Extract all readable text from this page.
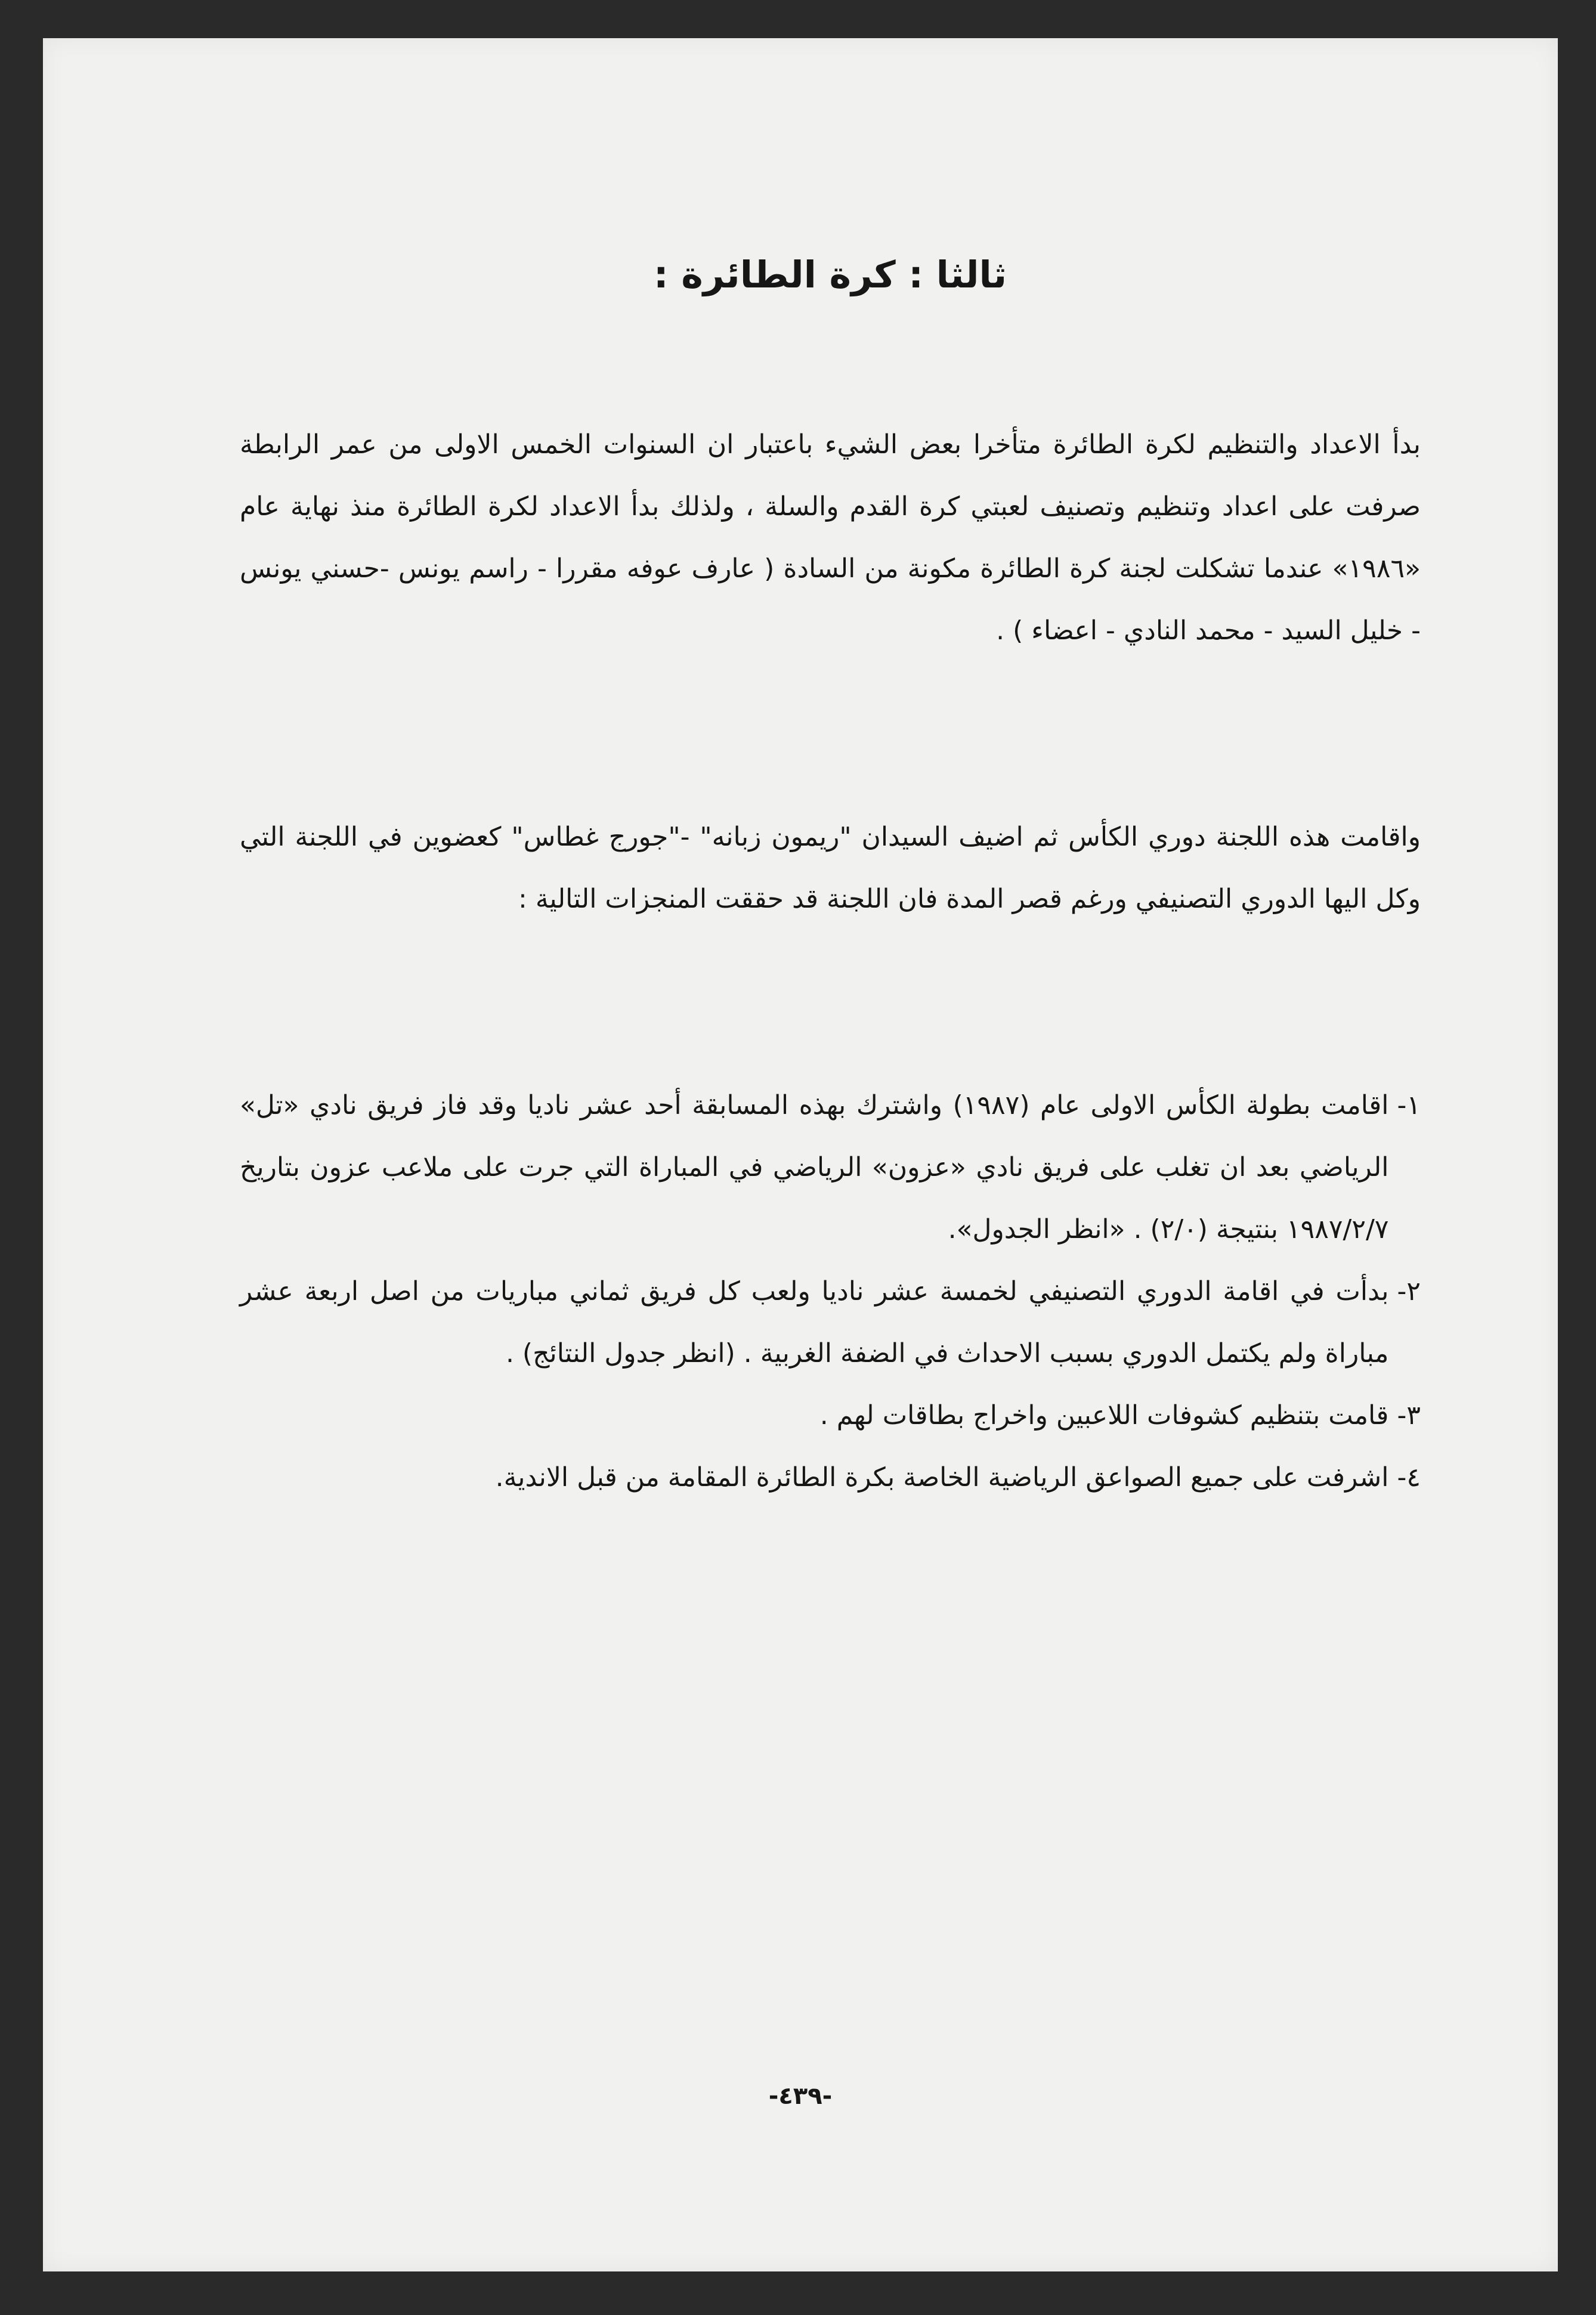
ثالثا : كرة الطائرة :

بدأ الاعداد والتنظيم لكرة الطائرة متأخرا بعض الشيء باعتبار ان السنوات الخمس الاولى من عمر الرابطة صرفت على اعداد وتنظيم وتصنيف لعبتي كرة القدم والسلة ، ولذلك بدأ الاعداد لكرة الطائرة منذ نهاية عام «١٩٨٦» عندما تشكلت لجنة كرة الطائرة مكونة من السادة ( عارف عوفه مقررا - راسم يونس -حسني يونس - خليل السيد - محمد النادي - اعضاء ) .

واقامت هذه اللجنة دوري الكأس ثم اضيف السيدان "ريمون زبانه" -"جورج غطاس" كعضوين في اللجنة التي وكل اليها الدوري التصنيفي ورغم قصر المدة فان اللجنة قد حققت المنجزات التالية :

١-
اقامت بطولة الكأس الاولى عام (١٩٨٧) واشترك بهذه المسابقة أحد عشر ناديا وقد فاز فريق نادي «تل» الرياضي بعد ان تغلب على فريق نادي «عزون» الرياضي في المباراة التي جرت على ملاعب عزون بتاريخ ١٩٨٧/٢/٧ بنتيجة (٢/٠) . «انظر الجدول».
٢-
بدأت في اقامة الدوري التصنيفي لخمسة عشر ناديا ولعب كل فريق ثماني مباريات من اصل اربعة عشر مباراة ولم يكتمل الدوري بسبب الاحداث في الضفة الغربية . (انظر جدول النتائج) .
٣-
قامت بتنظيم كشوفات اللاعبين واخراج بطاقات لهم .
٤-
اشرفت على جميع الصواعق الرياضية الخاصة بكرة الطائرة المقامة من قبل الاندية.
-٤٣٩-
